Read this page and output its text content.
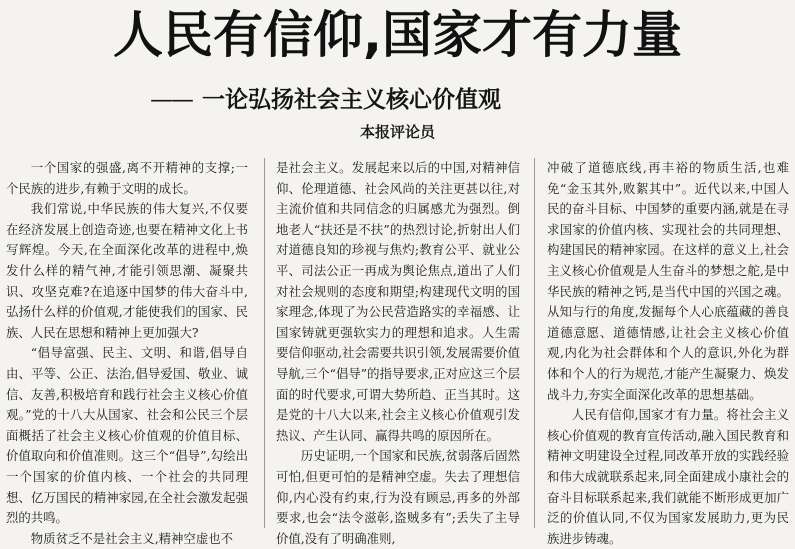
人民有信仰,国家才有力量
—— 一论弘扬社会主义核心价值观
本报评论员

一个国家的强盛,离不开精神的支撑;一个民族的进步,有赖于文明的成长。

我们常说,中华民族的伟大复兴,不仅要在经济发展上创造奇迹,也要在精神文化上书写辉煌。今天,在全面深化改革的进程中,焕发什么样的精气神,才能引领思潮、凝聚共识、攻坚克难?在追逐中国梦的伟大奋斗中,弘扬什么样的价值观,才能使我们的国家、民族、人民在思想和精神上更加强大?

“倡导富强、民主、文明、和谐,倡导自由、平等、公正、法治,倡导爱国、敬业、诚信、友善,积极培育和践行社会主义核心价值观。”党的十八大从国家、社会和公民三个层面概括了社会主义核心价值观的价值目标、价值取向和价值准则。这三个“倡导”,勾绘出一个国家的价值内核、一个社会的共同理想、亿万国民的精神家园,在全社会激发起强烈的共鸣。

物质贫乏不是社会主义,精神空虚也不

是社会主义。发展起来以后的中国,对精神信仰、伦理道德、社会风尚的关注更甚以往,对主流价值和共同信念的归属感尤为强烈。倒地老人“扶还是不扶”的热烈讨论,折射出人们对道德良知的珍视与焦灼;教育公平、就业公平、司法公正一再成为舆论焦点,道出了人们对社会规则的态度和期望;构建现代文明的国家理念,体现了为公民营造路实的幸福感、让国家铸就更强软实力的理想和追求。人生需要信仰驱动,社会需要共识引领,发展需要价值导航,三个“倡导”的指导要求,正对应这三个层面的时代要求,可谓大势所趋、正当其时。这是党的十八大以来,社会主义核心价值观引发热议、产生认同、赢得共鸣的原因所在。

历史证明,一个国家和民族,贫弱落后固然可怕,但更可怕的是精神空虚。失去了理想信仰,内心没有约束,行为没有顾忌,再多的外部要求,也会“法令滋彰,盗贼多有”;丢失了主导价值,没有了明确准则,

冲破了道德底线,再丰裕的物质生活,也难免“金玉其外,败絮其中”。近代以来,中国人民的奋斗目标、中国梦的重要内涵,就是在寻求国家的价值内核、实现社会的共同理想、构建国民的精神家园。在这样的意义上,社会主义核心价值观是人生奋斗的梦想之舵,是中华民族的精神之钙,是当代中国的兴国之魂。从知与行的角度,发掘每个人心底蕴藏的善良道德意愿、道德情感,让社会主义核心价值观,内化为社会群体和个人的意识,外化为群体和个人的行为规范,才能产生凝聚力、焕发战斗力,夯实全面深化改革的思想基础。

人民有信仰,国家才有力量。将社会主义核心价值观的教育宣传活动,融入国民教育和精神文明建设全过程,同改革开放的实践经验和伟大成就联系起来,同全面建成小康社会的奋斗目标联系起来,我们就能不断形成更加广泛的价值认同,不仅为国家发展助力,更为民族进步铸魂。
